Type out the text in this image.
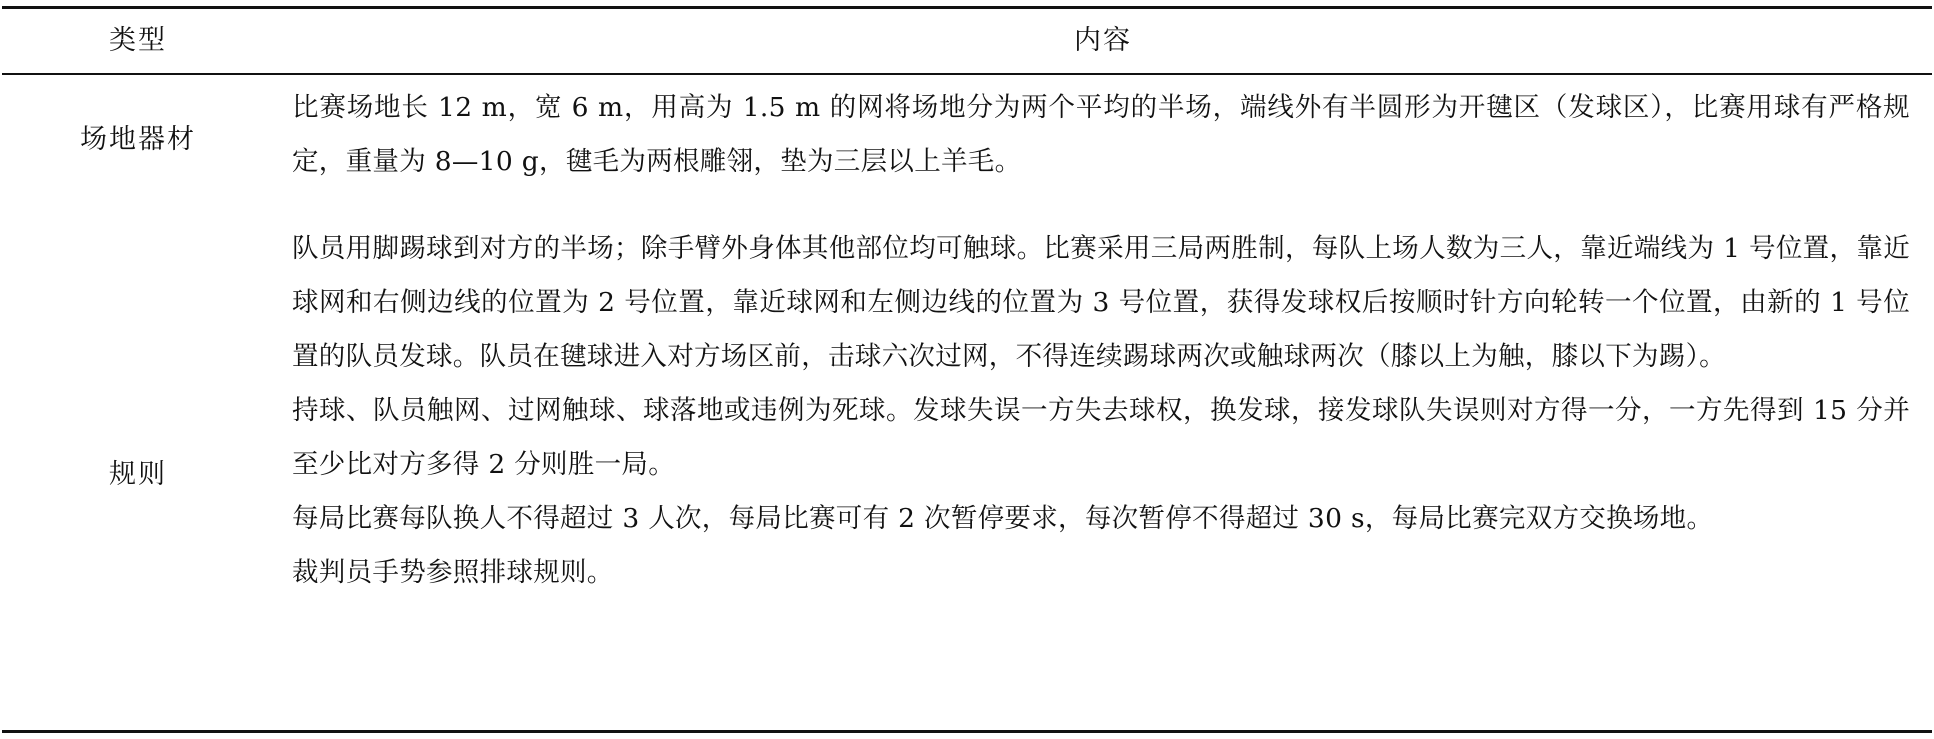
类型	内容
场地器材

比赛场地长 12 m，宽 6 m，用高为 1.5 m 的网将场地分为两个平均的半场，端线外有半圆形为开毽区（发球区），比赛用球有严格规定，重量为 8—10 g，毽毛为两根雕翎，垫为三层以上羊毛。

规则

队员用脚踢球到对方的半场；除手臂外身体其他部位均可触球。比赛采用三局两胜制，每队上场人数为三人，靠近端线为 1 号位置，靠近球网和右侧边线的位置为 2 号位置，靠近球网和左侧边线的位置为 3 号位置，获得发球权后按顺时针方向轮转一个位置，由新的 1 号位置的队员发球。队员在毽球进入对方场区前，击球六次过网，不得连续踢球两次或触球两次（膝以上为触，膝以下为踢）。

持球、队员触网、过网触球、球落地或违例为死球。发球失误一方失去球权，换发球，接发球队失误则对方得一分，一方先得到 15 分并至少比对方多得 2 分则胜一局。

每局比赛每队换人不得超过 3 人次，每局比赛可有 2 次暂停要求，每次暂停不得超过 30 s，每局比赛完双方交换场地。

裁判员手势参照排球规则。
